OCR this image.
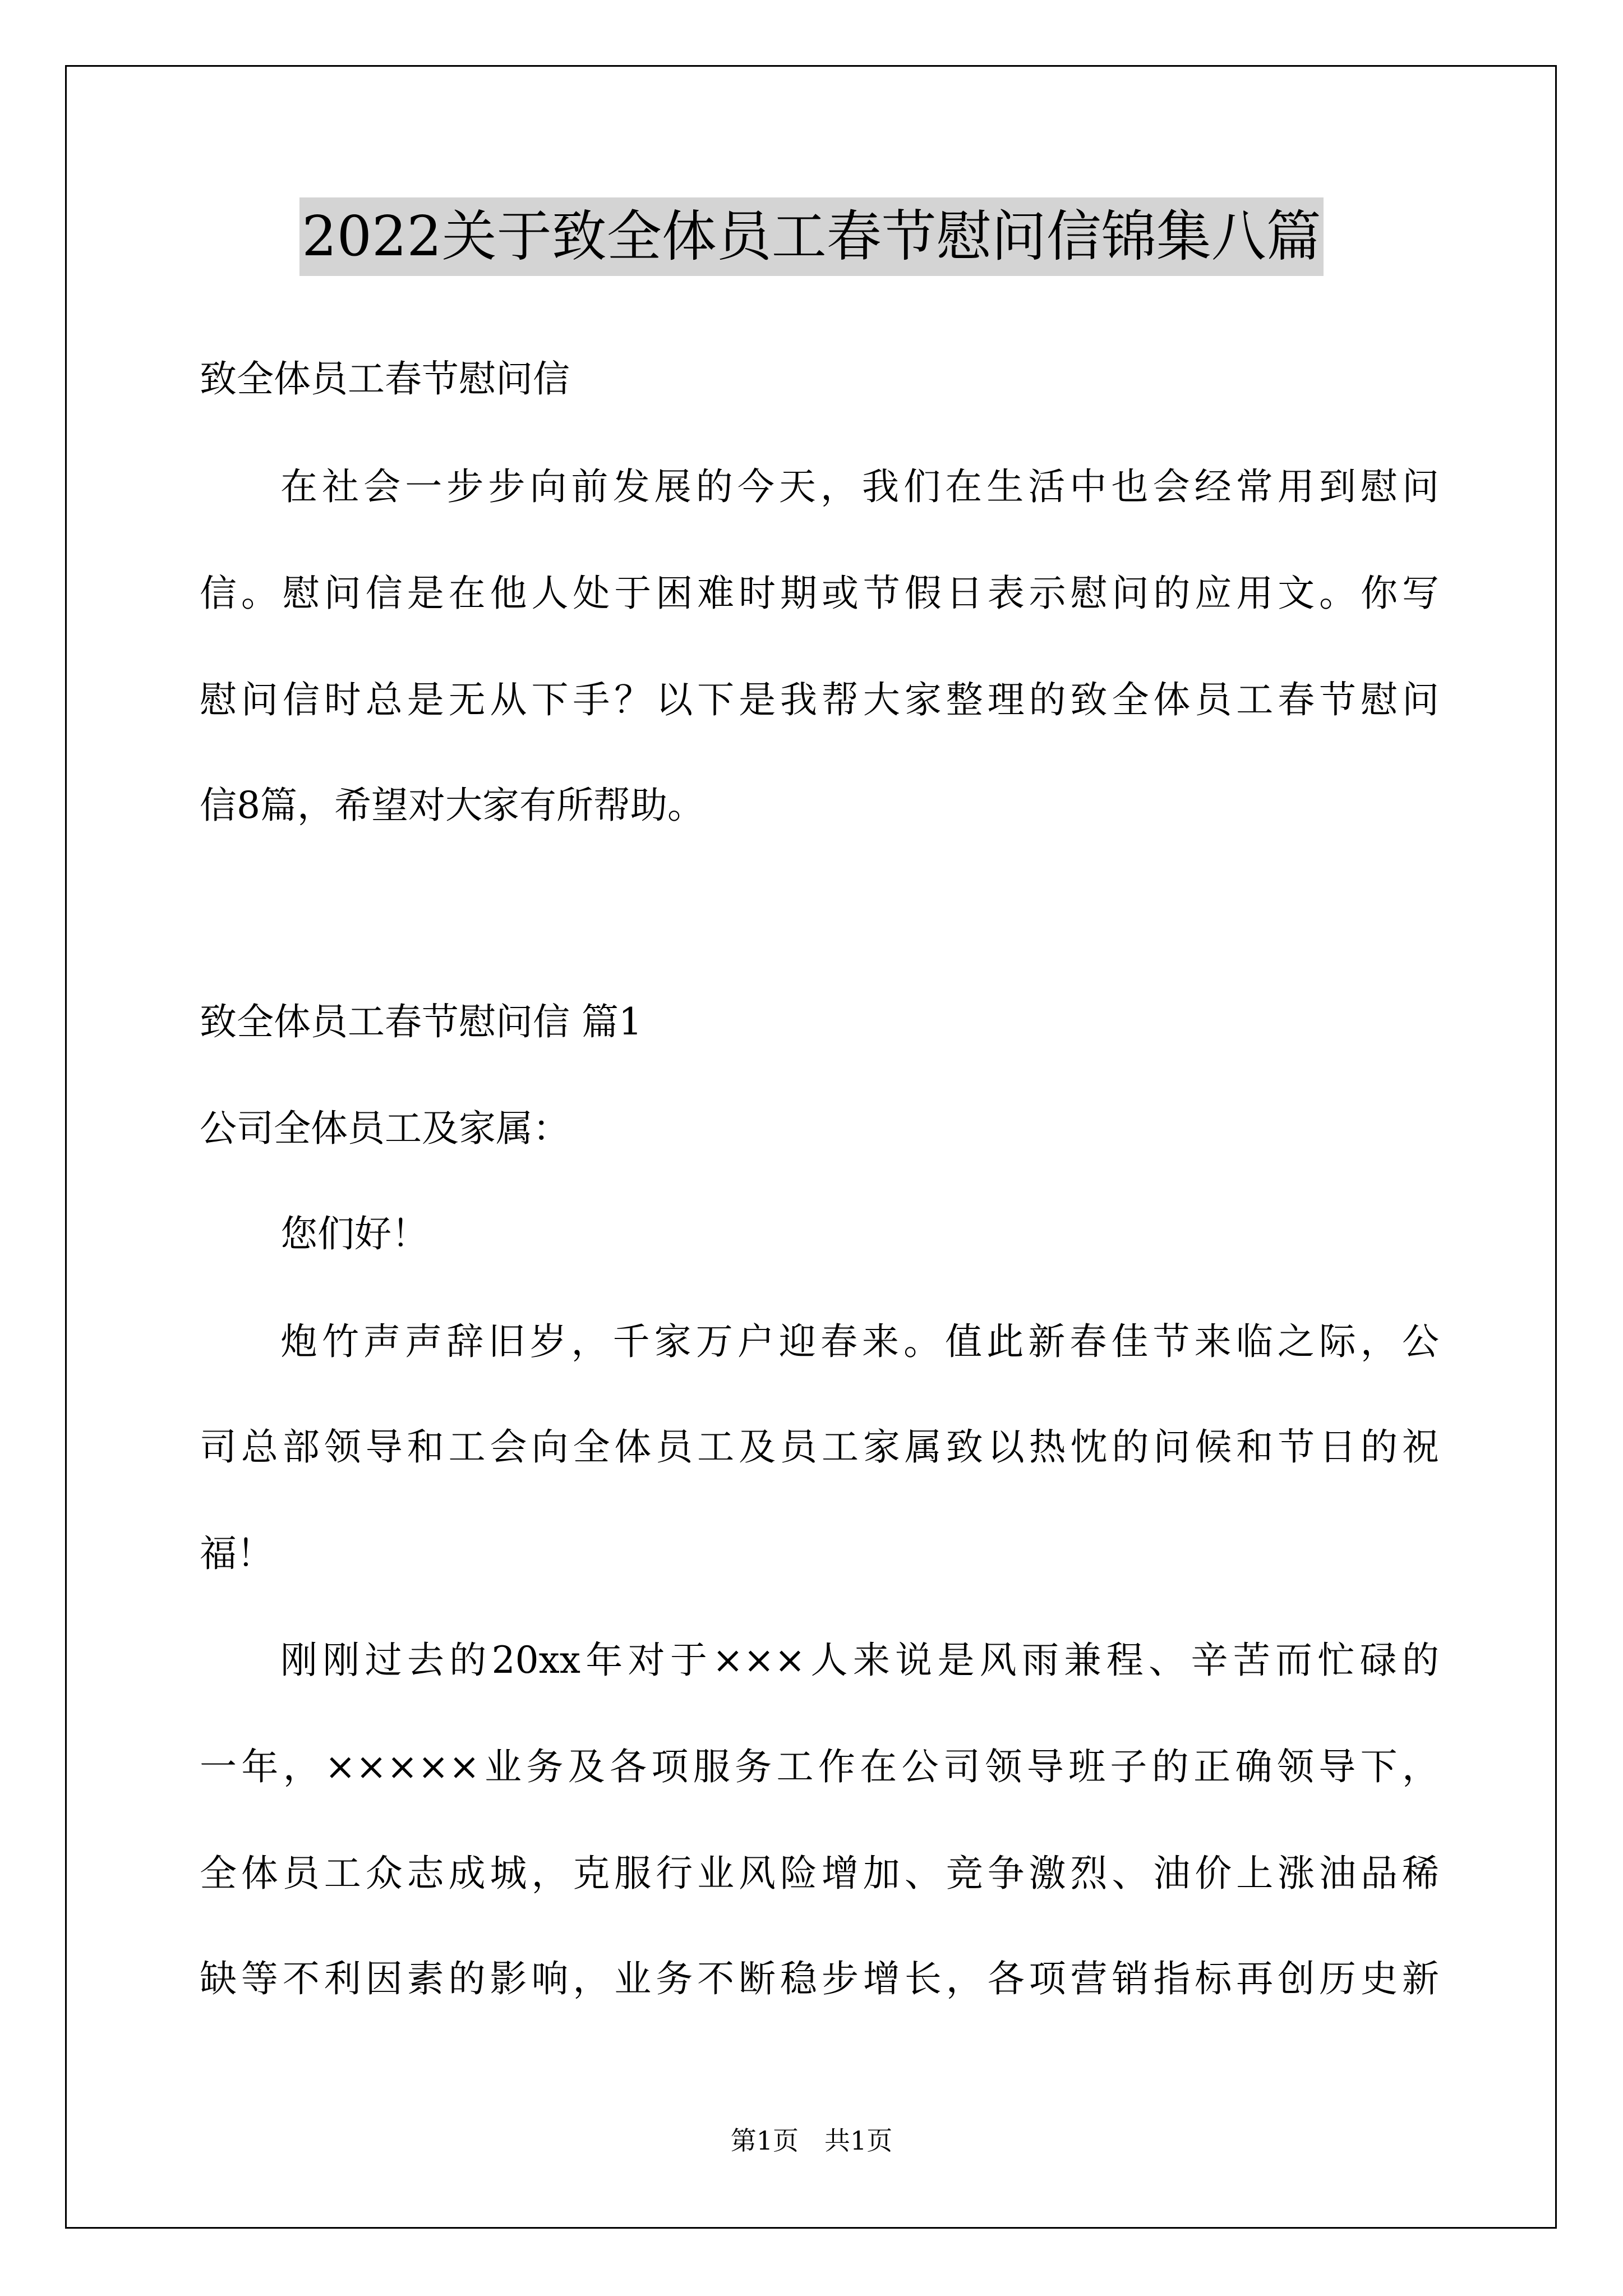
2022关于致全体员工春节慰问信锦集八篇
致全体员工春节慰问信
在社会一步步向前发展的今天，我们在生活中也会经常用到慰问
信。慰问信是在他人处于困难时期或节假日表示慰问的应用文。你写
慰问信时总是无从下手？以下是我帮大家整理的致全体员工春节慰问
信8篇，希望对大家有所帮助。
致全体员工春节慰问信 篇1
公司全体员工及家属：
您们好！
炮竹声声辞旧岁，千家万户迎春来。值此新春佳节来临之际，公
司总部领导和工会向全体员工及员工家属致以热忱的问候和节日的祝
福！
刚刚过去的20xx年对于×××人来说是风雨兼程、辛苦而忙碌的
一年，×××××业务及各项服务工作在公司领导班子的正确领导下，
全体员工众志成城，克服行业风险增加、竞争激烈、油价上涨油品稀
缺等不利因素的影响，业务不断稳步增长，各项营销指标再创历史新
第1页　共1页
